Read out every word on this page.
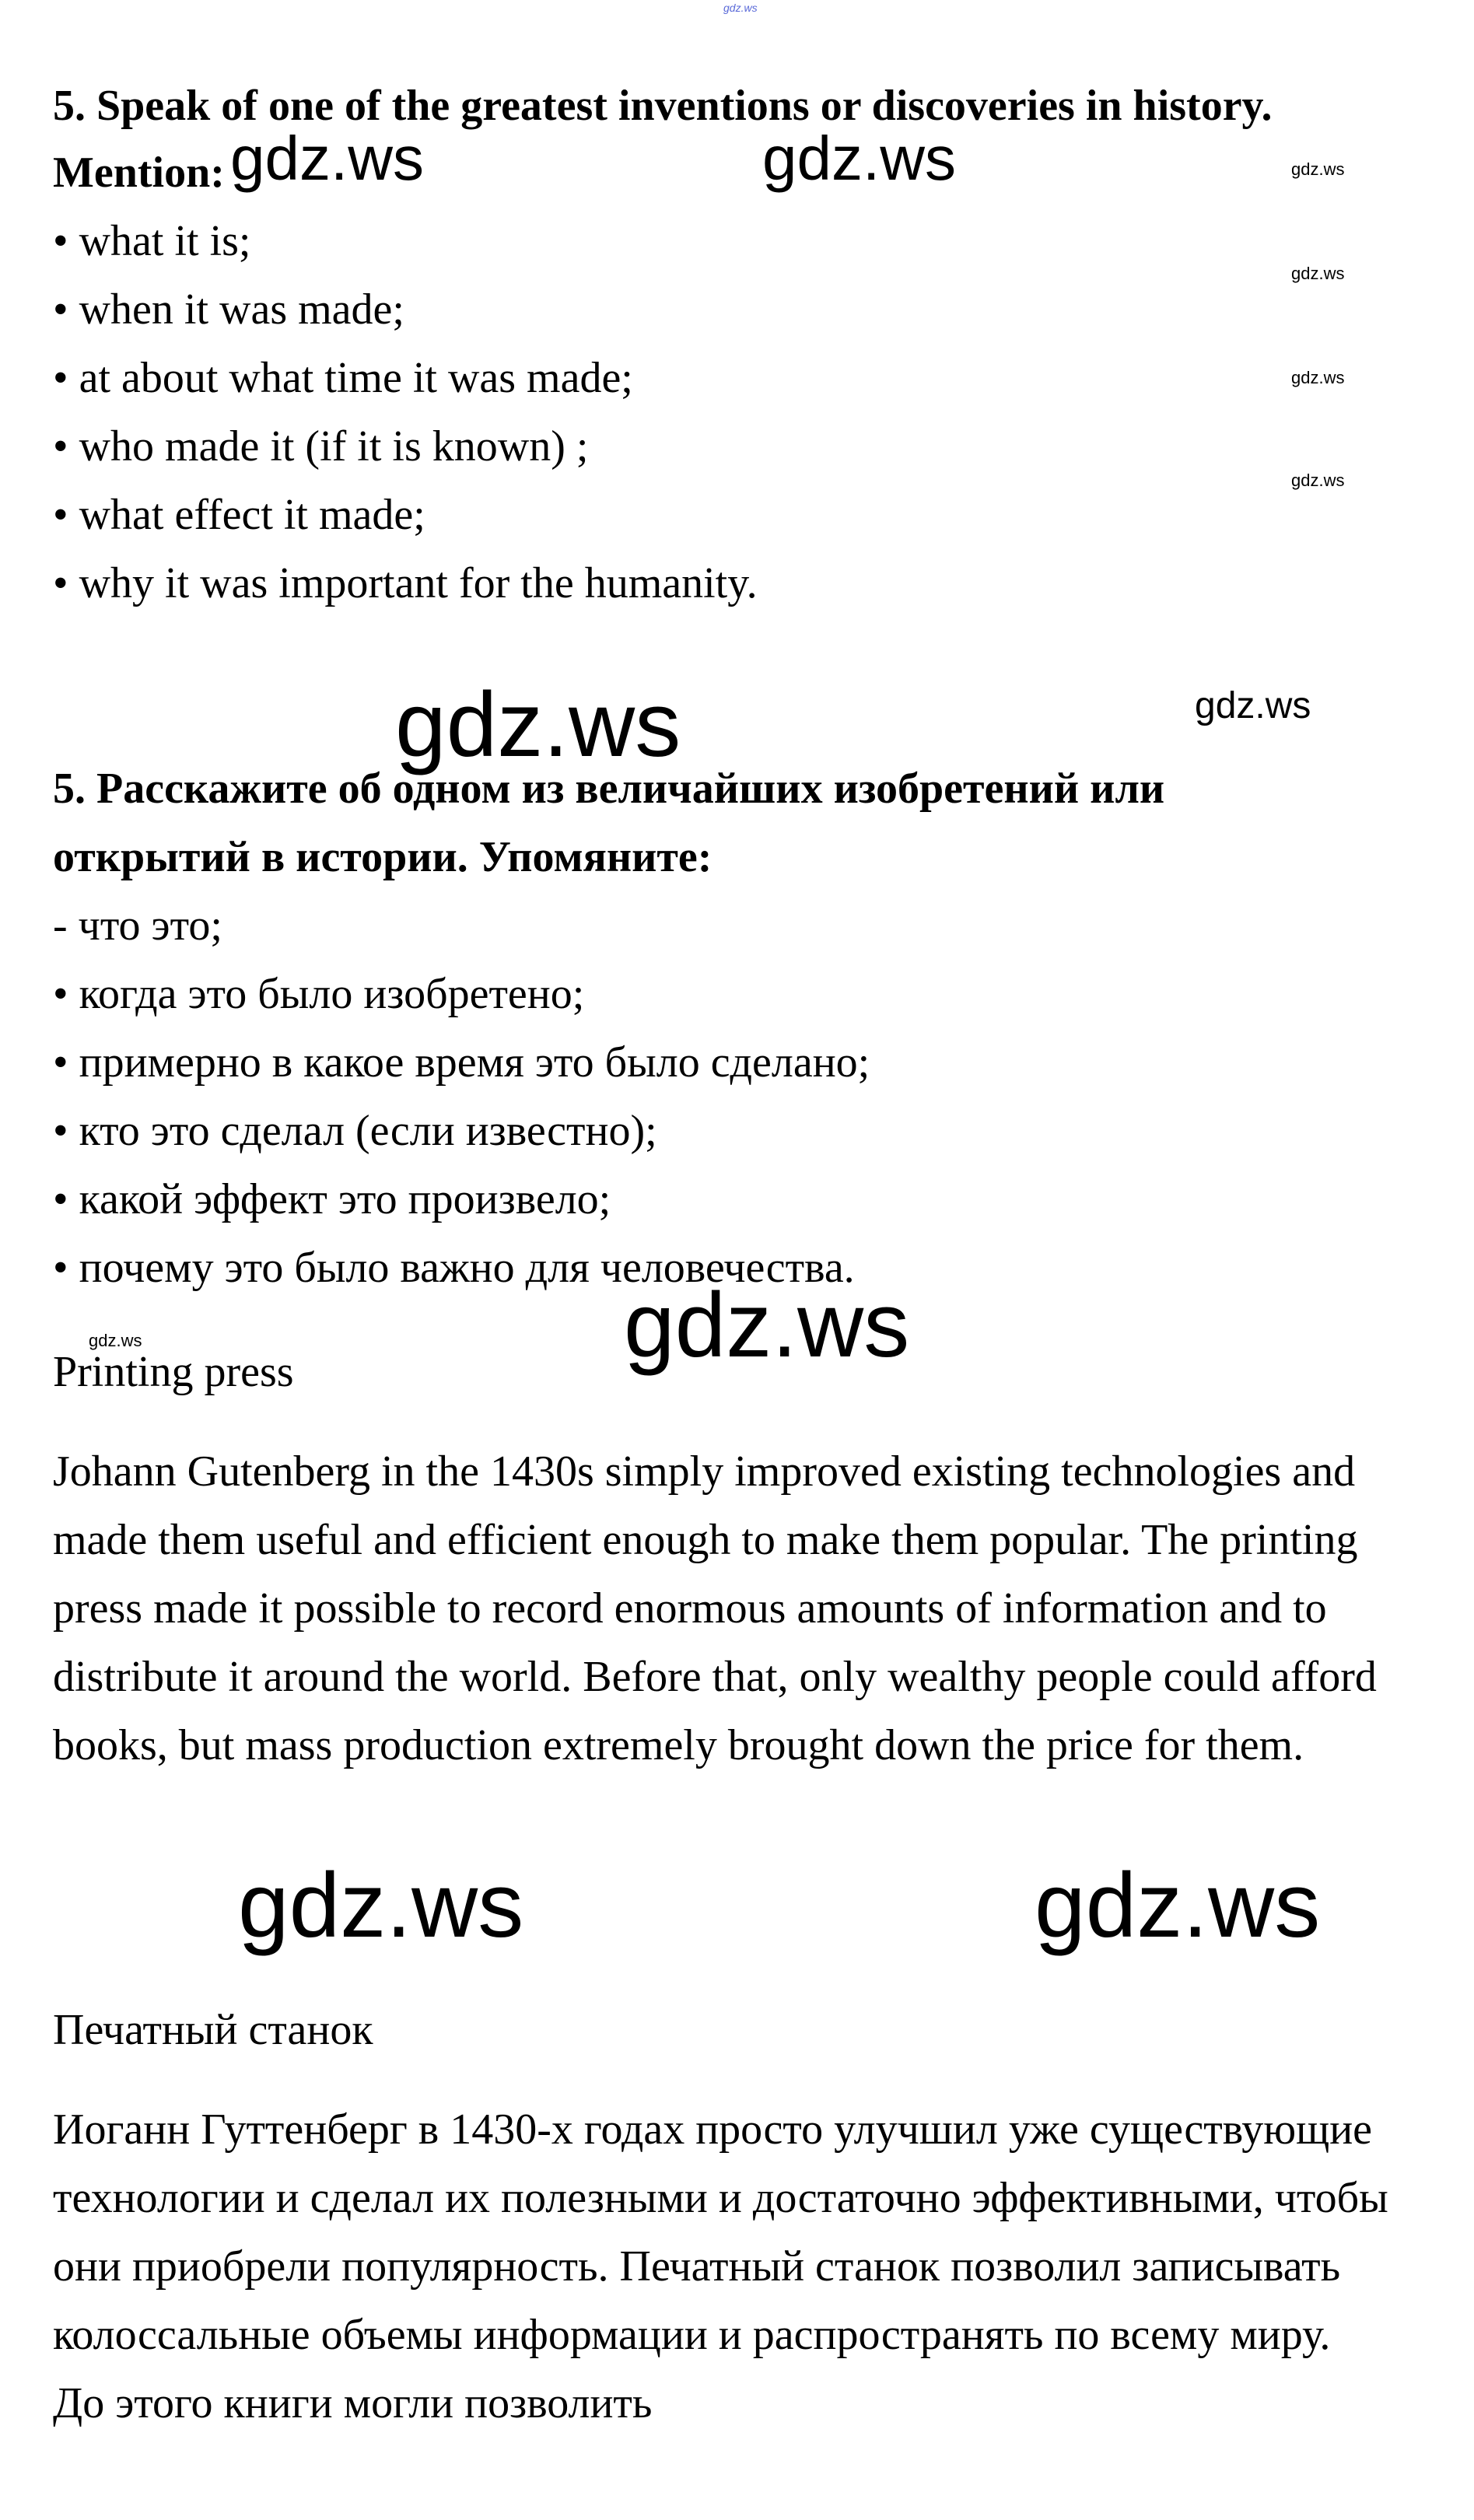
gdz.ws
5. Speak of one of the greatest inventions or discoveries in history.
Mention: gdz.ws	gdz.ws	gdz.ws
• what it is;
• when it was made;
• at about what time it was made;
• who made it (if it is known) ;
• what effect it made;
• why it was important for the humanity.
gdz.ws
gdz.ws
gdz.ws
gdz.ws	gdz.ws
5. Расскажите об одном из величайших изобретений или
открытий в истории. Упомяните:
- что это;
• когда это было изобретено;
• примерно в какое время это было сделано;
• кто это сделал (если известно);
• какой эффект это произвело;
• почему это было важно для человечества.
gdz.ws
gdz.ws
Printing press

Johann Gutenberg in the 1430s simply improved existing technologies and made them useful and efficient enough to make them popular. The printing press made it possible to record enormous amounts of information and to distribute it around the world. Before that, only wealthy people could afford books, but mass production extremely brought down the price for them.

gdz.ws	gdz.ws
Печатный станок

Иоганн Гуттенберг в 1430-х годах просто улучшил уже существующие технологии и сделал их полезными и достаточно эффективными, чтобы они приобрели популярность. Печатный станок позволил записывать колоссальные объемы информации и распространять по всему миру. До этого книги могли позволить
